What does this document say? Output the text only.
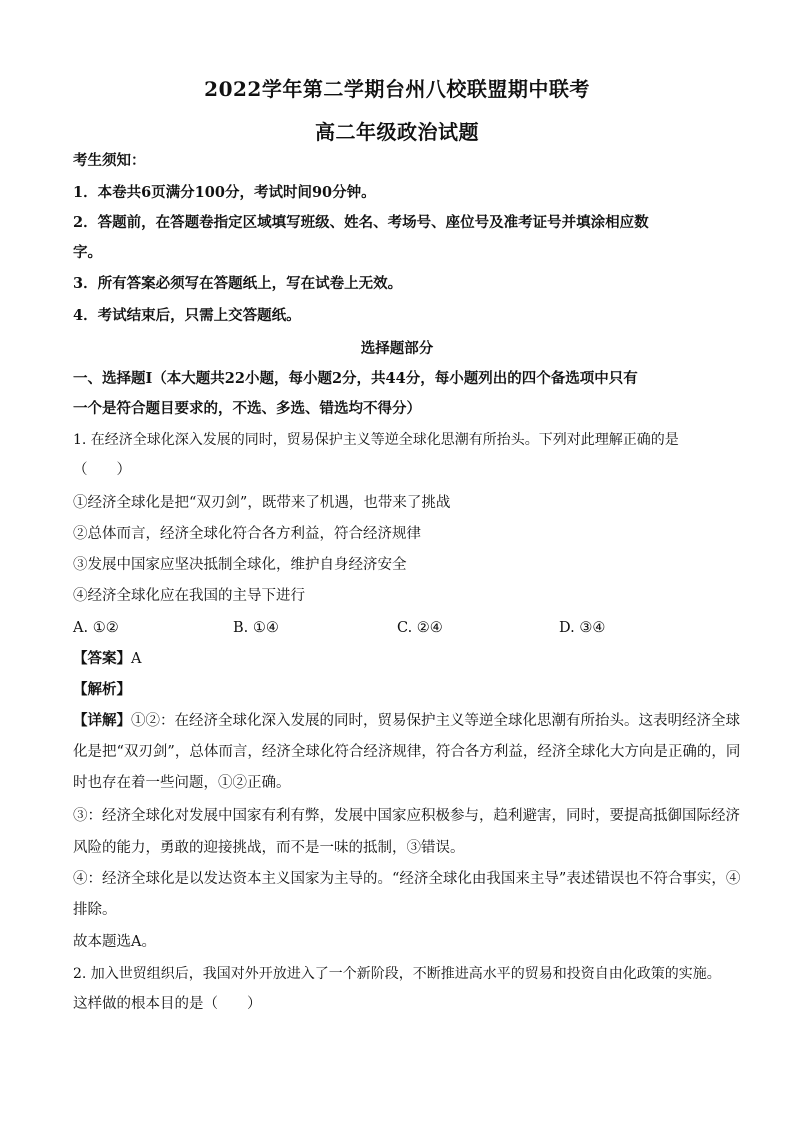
2022学年第二学期台州八校联盟期中联考
高二年级政治试题
考生须知：
1．本卷共6页满分100分，考试时间90分钟。
2．答题前，在答题卷指定区域填写班级、姓名、考场号、座位号及准考证号并填涂相应数
字。
3．所有答案必须写在答题纸上，写在试卷上无效。
4．考试结束后，只需上交答题纸。
选择题部分
一、选择题Ⅰ（本大题共22小题，每小题2分，共44分，每小题列出的四个备选项中只有
一个是符合题目要求的，不选、多选、错选均不得分）
1. 在经济全球化深入发展的同时，贸易保护主义等逆全球化思潮有所抬头。下列对此理解正确的是
（　　）
①经济全球化是把“双刃剑”，既带来了机遇，也带来了挑战
②总体而言，经济全球化符合各方利益，符合经济规律
③发展中国家应坚决抵制全球化，维护自身经济安全
④经济全球化应在我国的主导下进行
A. ①②	B. ①④	C. ②④	D. ③④
【答案】A
【解析】
【详解】①②：在经济全球化深入发展的同时，贸易保护主义等逆全球化思潮有所抬头。这表明经济全球
化是把“双刃剑”，总体而言，经济全球化符合经济规律，符合各方利益，经济全球化大方向是正确的，同
时也存在着一些问题，①②正确。
③：经济全球化对发展中国家有利有弊，发展中国家应积极参与，趋利避害，同时，要提高抵御国际经济
风险的能力，勇敢的迎接挑战，而不是一味的抵制，③错误。
④：经济全球化是以发达资本主义国家为主导的。“经济全球化由我国来主导”表述错误也不符合事实，④
排除。
故本题选A。
2. 加入世贸组织后，我国对外开放进入了一个新阶段，不断推进高水平的贸易和投资自由化政策的实施。
这样做的根本目的是（　　）
